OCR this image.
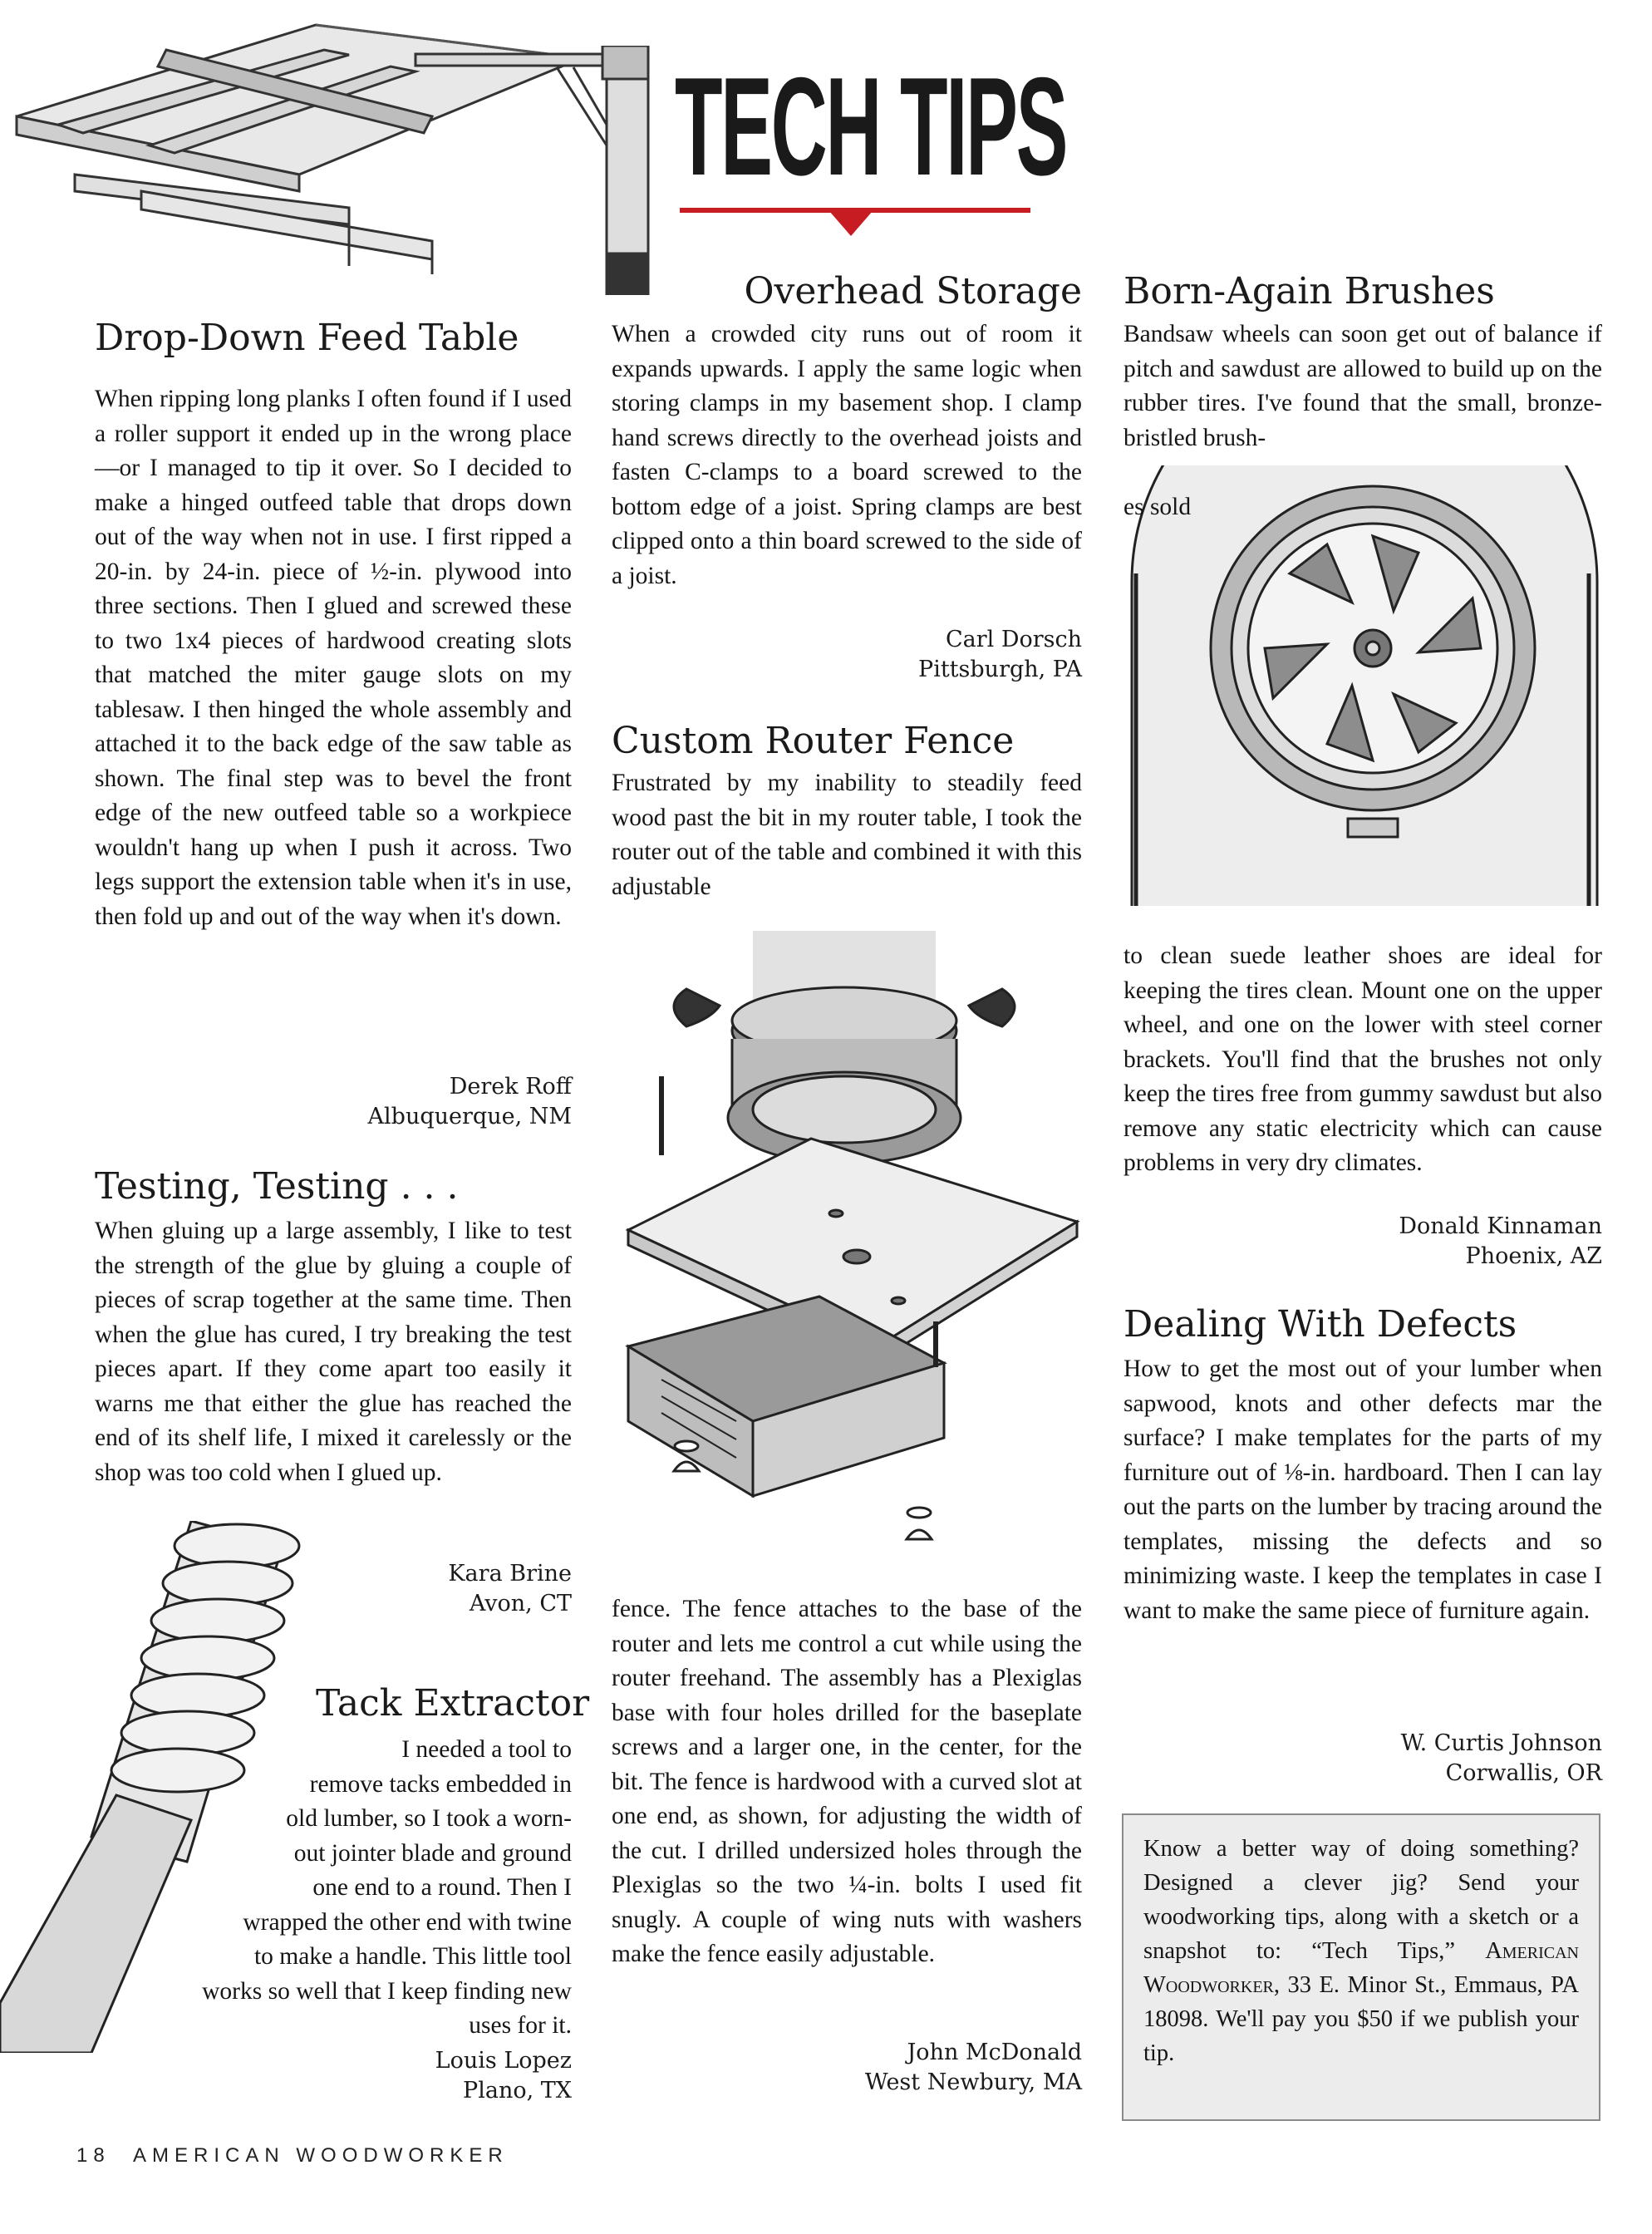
TECH TIPS
Drop-Down Feed Table
When ripping long planks I often found if I used a roller support it ended up in the wrong place—or I managed to tip it over. So I decided to make a hinged outfeed table that drops down out of the way when not in use. I first ripped a 20-in. by 24-in. piece of ½-in. plywood into three sections. Then I glued and screwed these to two 1x4 pieces of hardwood creating slots that matched the miter gauge slots on my tablesaw. I then hinged the whole assembly and attached it to the back edge of the saw table as shown. The final step was to bevel the front edge of the new outfeed table so a workpiece wouldn't hang up when I push it across. Two legs support the extension table when it's in use, then fold up and out of the way when it's down.
Derek Roff
Albuquerque, NM
Testing, Testing . . .
When gluing up a large assembly, I like to test the strength of the glue by gluing a couple of pieces of scrap together at the same time. Then when the glue has cured, I try breaking the test pieces apart. If they come apart too easily it warns me that either the glue has reached the end of its shelf life, I mixed it carelessly or the shop was too cold when I glued up.
Kara Brine
Avon, CT
Tack Extractor
I needed a tool to
remove tacks embedded in
old lumber, so I took a worn-
out jointer blade and ground
one end to a round. Then I
wrapped the other end with twine
to make a handle. This little tool
works so well that I keep finding new
uses for it.
Louis Lopez
Plano, TX
Overhead Storage
When a crowded city runs out of room it expands upwards. I apply the same logic when storing clamps in my basement shop. I clamp hand screws directly to the overhead joists and fasten C-clamps to a board screwed to the bottom edge of a joist. Spring clamps are best clipped onto a thin board screwed to the side of a joist.
Carl Dorsch
Pittsburgh, PA
Custom Router Fence
Frustrated by my inability to steadily feed wood past the bit in my router table, I took the router out of the table and combined it with this adjustable
fence. The fence attaches to the base of the router and lets me control a cut while using the router freehand. The assembly has a Plexiglas base with four holes drilled for the baseplate screws and a larger one, in the center, for the bit. The fence is hardwood with a curved slot at one end, as shown, for adjusting the width of the cut. I drilled undersized holes through the Plexiglas so the two ¼-in. bolts I used fit snugly. A couple of wing nuts with washers make the fence easily adjustable.
John McDonald
West Newbury, MA
Born-Again Brushes
Bandsaw wheels can soon get out of balance if pitch and sawdust are allowed to build up on the rubber tires. I've found that the small, bronze-bristled brush-
es sold
to clean suede leather shoes are ideal for keeping the tires clean. Mount one on the upper wheel, and one on the lower with steel corner brackets. You'll find that the brushes not only keep the tires free from gummy sawdust but also remove any static electricity which can cause problems in very dry climates.
Donald Kinnaman
Phoenix, AZ
Dealing With Defects
How to get the most out of your lumber when sapwood, knots and other defects mar the surface? I make templates for the parts of my furniture out of ⅛-in. hardboard. Then I can lay out the parts on the lumber by tracing around the templates, missing the defects and so minimizing waste. I keep the templates in case I want to make the same piece of furniture again.
W. Curtis Johnson
Corwallis, OR
Know a better way of doing something? Designed a clever jig? Send your woodworking tips, along with a sketch or a snapshot to: “Tech Tips,” American Woodworker, 33 E. Minor St., Emmaus, PA 18098. We'll pay you $50 if we publish your tip.
18 AMERICAN WOODWORKER
